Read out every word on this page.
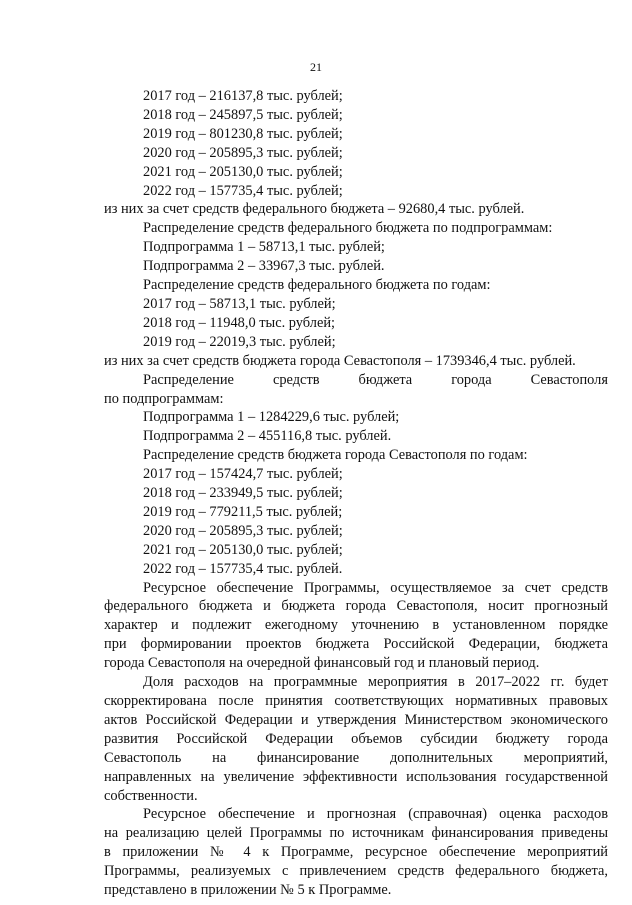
21
2017 год – 216137,8 тыс. рублей;
2018 год – 245897,5 тыс. рублей;
2019 год – 801230,8 тыс. рублей;
2020 год – 205895,3 тыс. рублей;
2021 год – 205130,0 тыс. рублей;
2022 год – 157735,4 тыс. рублей;
из них за счет средств федерального бюджета – 92680,4 тыс. рублей.
Распределение средств федерального бюджета по подпрограммам:
Подпрограмма 1 – 58713,1 тыс. рублей;
Подпрограмма 2 – 33967,3 тыс. рублей.
Распределение средств федерального бюджета по годам:
2017 год – 58713,1 тыс. рублей;
2018 год – 11948,0 тыс. рублей;
2019 год – 22019,3 тыс. рублей;
из них за счет средств бюджета города Севастополя – 1739346,4 тыс. рублей.
Распределение	средств	бюджета	города	Севастополя
по подпрограммам:
Подпрограмма 1 – 1284229,6 тыс. рублей;
Подпрограмма 2 – 455116,8 тыс. рублей.
Распределение средств бюджета города Севастополя по годам:
2017 год – 157424,7 тыс. рублей;
2018 год – 233949,5 тыс. рублей;
2019 год – 779211,5 тыс. рублей;
2020 год – 205895,3 тыс. рублей;
2021 год – 205130,0 тыс. рублей;
2022 год – 157735,4 тыс. рублей.
Ресурсное обеспечение Программы, осуществляемое за счет средств
федерального бюджета и бюджета города Севастополя, носит прогнозный
характер и подлежит ежегодному уточнению в установленном порядке
при формировании проектов бюджета Российской Федерации, бюджета
города Севастополя на очередной финансовый год и плановый период.
Доля расходов на программные мероприятия в 2017–2022 гг. будет
скорректирована после принятия соответствующих нормативных правовых
актов Российской Федерации и утверждения Министерством экономического
развития Российской Федерации объемов субсидии бюджету города
Севастополь на финансирование дополнительных мероприятий,
направленных на увеличение эффективности использования государственной
собственности.
Ресурсное обеспечение и прогнозная (справочная) оценка расходов
на реализацию целей Программы по источникам финансирования приведены
в приложении № 4 к Программе, ресурсное обеспечение мероприятий
Программы, реализуемых с привлечением средств федерального бюджета,
представлено в приложении № 5 к Программе.
